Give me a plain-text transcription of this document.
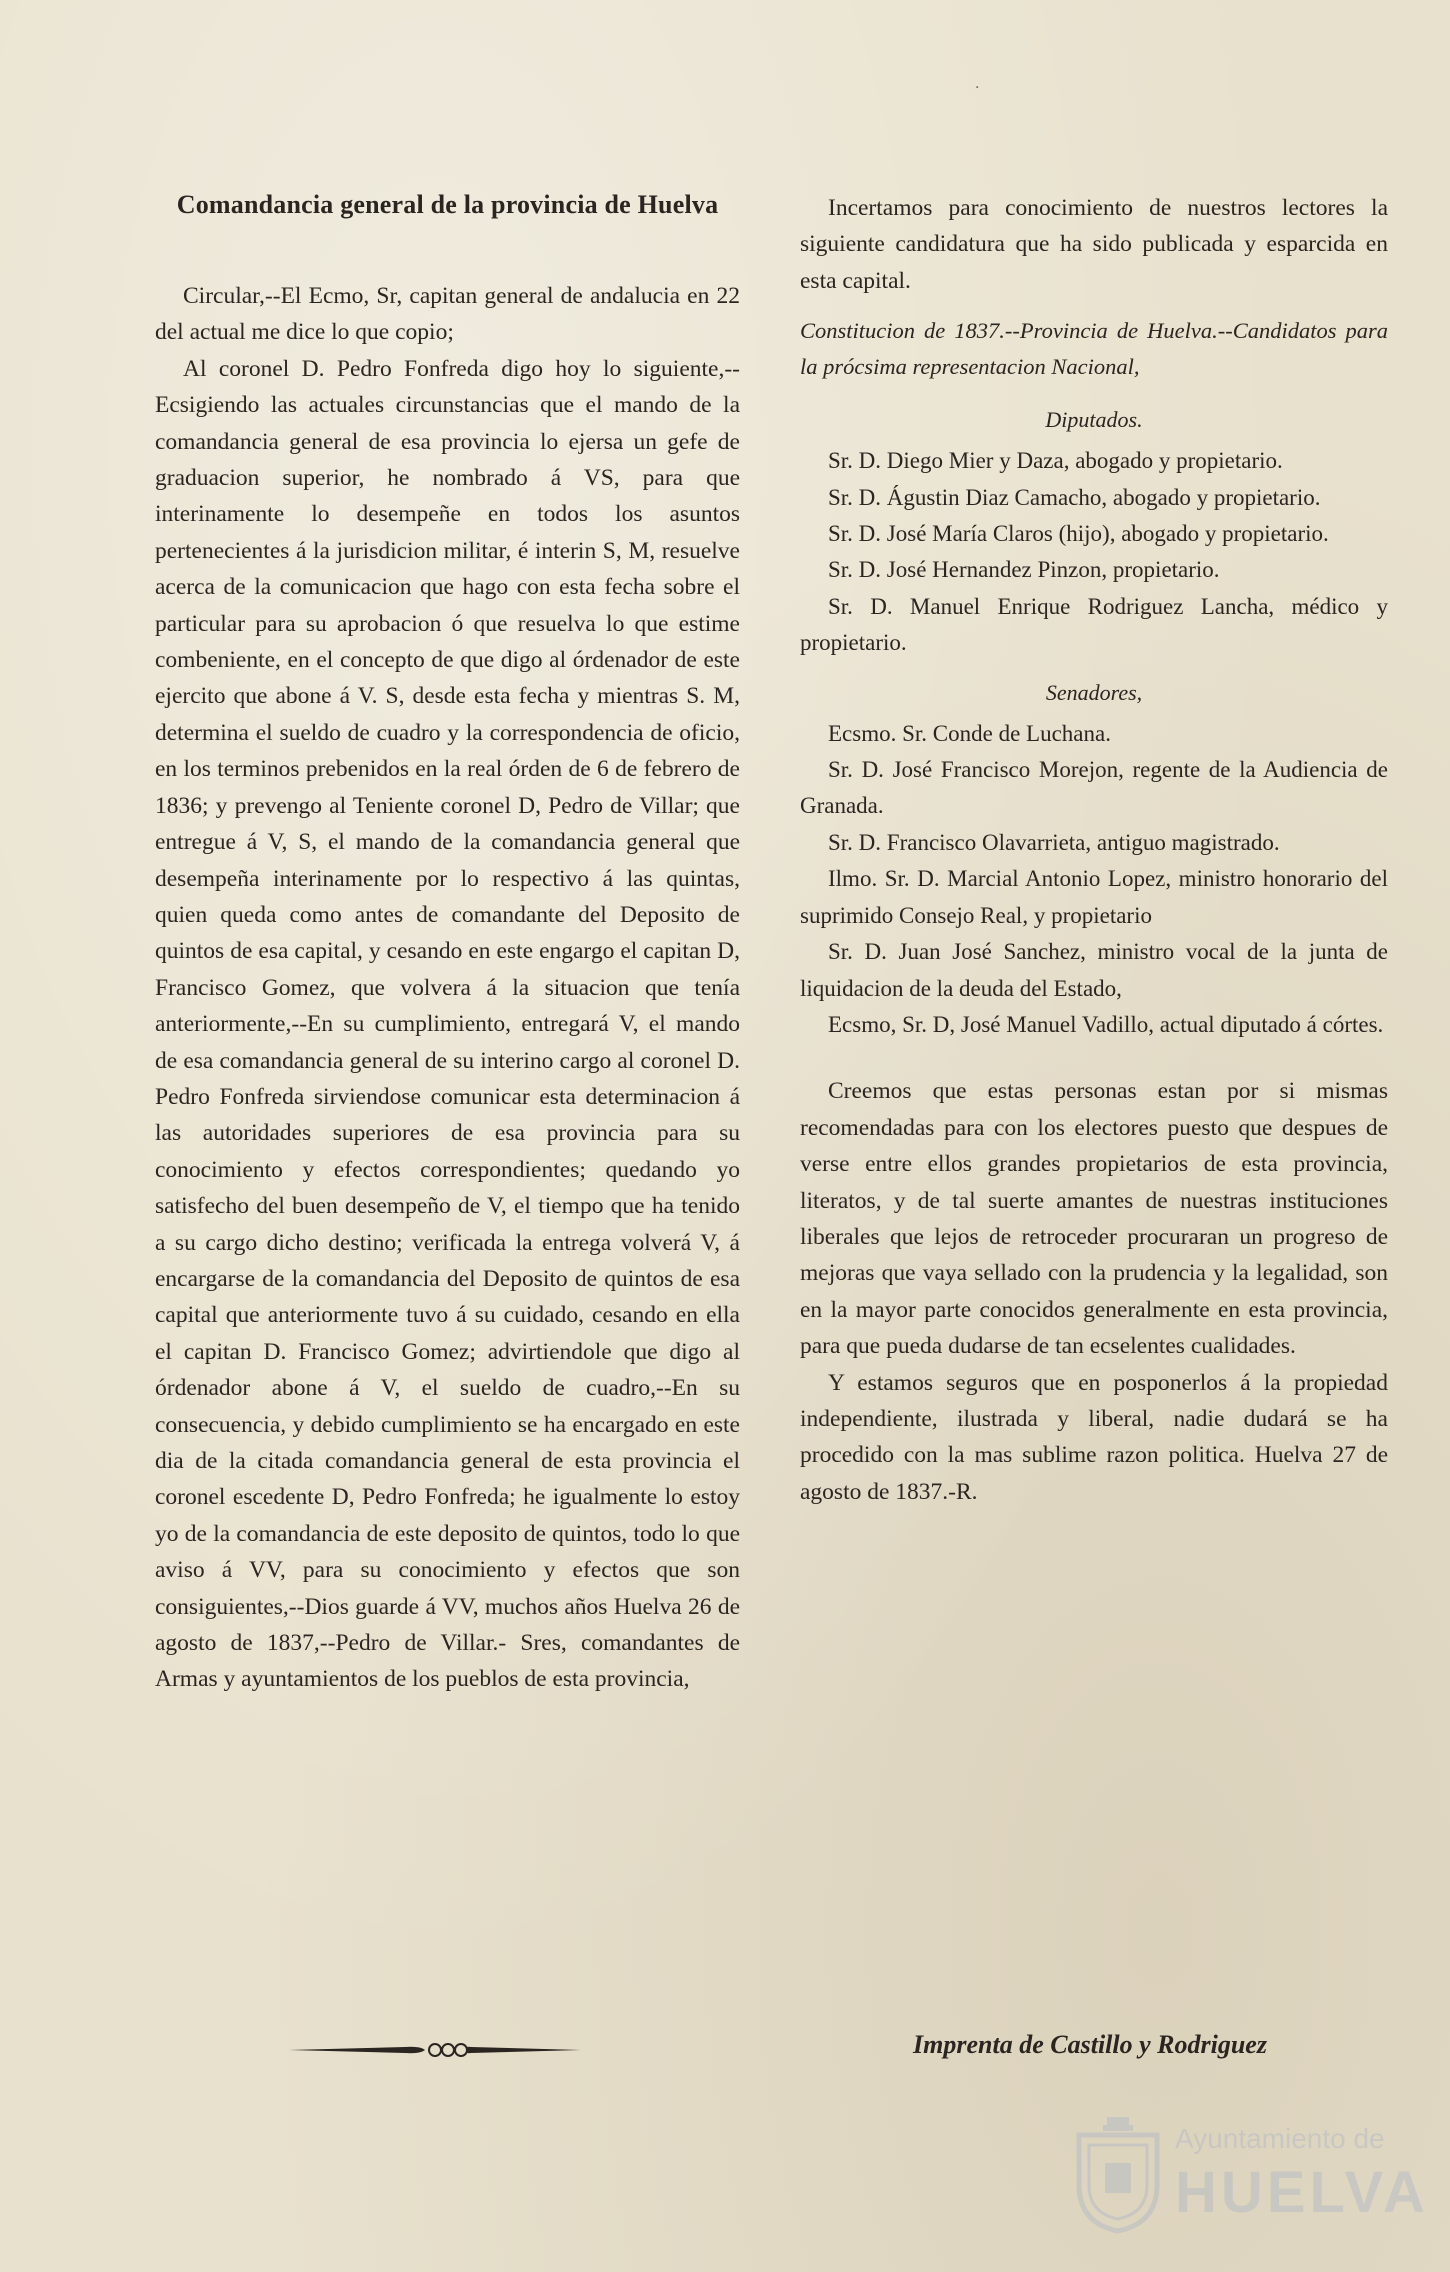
·
Comandancia general de la provincia de Huelva

Circular,--El Ecmo, Sr, capitan general de andalucia en 22 del actual me dice lo que copio;

Al coronel D. Pedro Fonfreda digo hoy lo siguiente,--Ecsigiendo las actuales circunstancias que el mando de la comandancia general de esa provincia lo ejersa un gefe de graduacion superior, he nombrado á VS, para que interinamente lo desempeñe en todos los asuntos pertenecientes á la jurisdicion militar, é interin S, M, resuelve acerca de la comunicacion que hago con esta fecha sobre el particular para su aprobacion ó que resuelva lo que estime combeniente, en el concepto de que digo al órdenador de este ejercito que abone á V. S, desde esta fecha y mientras S. M, determina el sueldo de cuadro y la correspondencia de oficio, en los terminos prebenidos en la real órden de 6 de febrero de 1836; y prevengo al Teniente coronel D, Pedro de Villar; que entregue á V, S, el mando de la comandancia general que desempeña interinamente por lo respectivo á las quintas, quien queda como antes de comandante del Deposito de quintos de esa capital, y cesando en este engargo el capitan D, Francisco Gomez, que volvera á la situacion que tenía anteriormente,--En su cumplimiento, entregará V, el mando de esa comandancia general de su interino cargo al coronel D. Pedro Fonfreda sirviendose comunicar esta determinacion á las autoridades superiores de esa provincia para su conocimiento y efectos correspondientes; quedando yo satisfecho del buen desempeño de V, el tiempo que ha tenido a su cargo dicho destino; verificada la entrega volverá V, á encargarse de la comandancia del Deposito de quintos de esa capital que anteriormente tuvo á su cuidado, cesando en ella el capitan D. Francisco Gomez; advirtiendole que digo al órdenador abone á V, el sueldo de cuadro,--En su consecuencia, y debido cumplimiento se ha encargado en este dia de la citada comandancia general de esta provincia el coronel escedente D, Pedro Fonfreda; he igualmente lo estoy yo de la comandancia de este deposito de quintos, todo lo que aviso á VV, para su conocimiento y efectos que son consiguientes,--Dios guarde á VV, muchos años Huelva 26 de agosto de 1837,--Pedro de Villar.- Sres, comandantes de Armas y ayuntamientos de los pueblos de esta provincia,

Incertamos para conocimiento de nuestros lectores la siguiente candidatura que ha sido publicada y esparcida en esta capital.

Constitucion de 1837.--Provincia de Huelva.--Candidatos para la prócsima representacion Nacional,

Diputados.

Sr. D. Diego Mier y Daza, abogado y propietario.

Sr. D. Águstin Diaz Camacho, abogado y propietario.

Sr. D. José María Claros (hijo), abogado y propietario.

Sr. D. José Hernandez Pinzon, propietario.

Sr. D. Manuel Enrique Rodriguez Lancha, médico y propietario.

Senadores,

Ecsmo. Sr. Conde de Luchana.

Sr. D. José Francisco Morejon, regente de la Audiencia de Granada.

Sr. D. Francisco Olavarrieta, antiguo magistrado.

Ilmo. Sr. D. Marcial Antonio Lopez, ministro honorario del suprimido Consejo Real, y propietario

Sr. D. Juan José Sanchez, ministro vocal de la junta de liquidacion de la deuda del Estado,

Ecsmo, Sr. D, José Manuel Vadillo, actual diputado á córtes.

Creemos que estas personas estan por si mismas recomendadas para con los electores puesto que despues de verse entre ellos grandes propietarios de esta provincia, literatos, y de tal suerte amantes de nuestras instituciones liberales que lejos de retroceder procuraran un progreso de mejoras que vaya sellado con la prudencia y la legalidad, son en la mayor parte conocidos generalmente en esta provincia, para que pueda dudarse de tan ecselentes cualidades.

Y estamos seguros que en posponerlos á la propiedad independiente, ilustrada y liberal, nadie dudará se ha procedido con la mas sublime razon politica. Huelva 27 de agosto de 1837.-R.

Imprenta de Castillo y Rodriguez
Ayuntamiento de
HUELVA
